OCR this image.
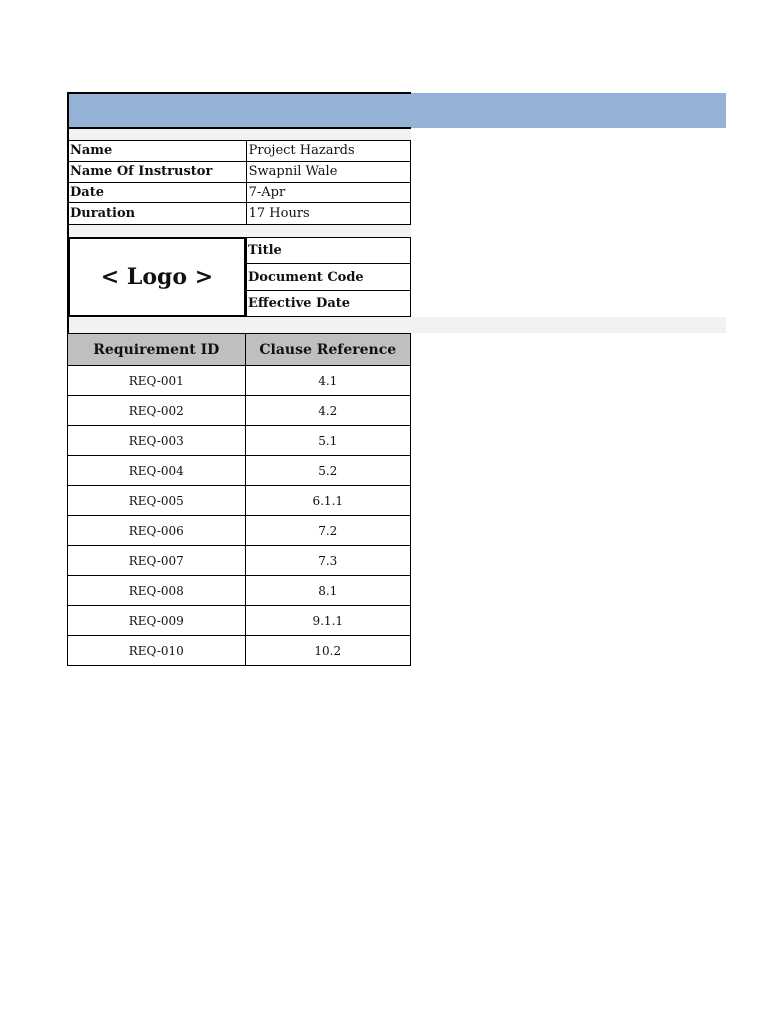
Name	Project Hazards
Name Of Instrustor	Swapnil Wale
Date	7-Apr
Duration	17 Hours
< Logo >
Title
Document Code
Effective Date
Requirement ID	Clause Reference
REQ-001	4.1
REQ-002	4.2
REQ-003	5.1
REQ-004	5.2
REQ-005	6.1.1
REQ-006	7.2
REQ-007	7.3
REQ-008	8.1
REQ-009	9.1.1
REQ-010	10.2
